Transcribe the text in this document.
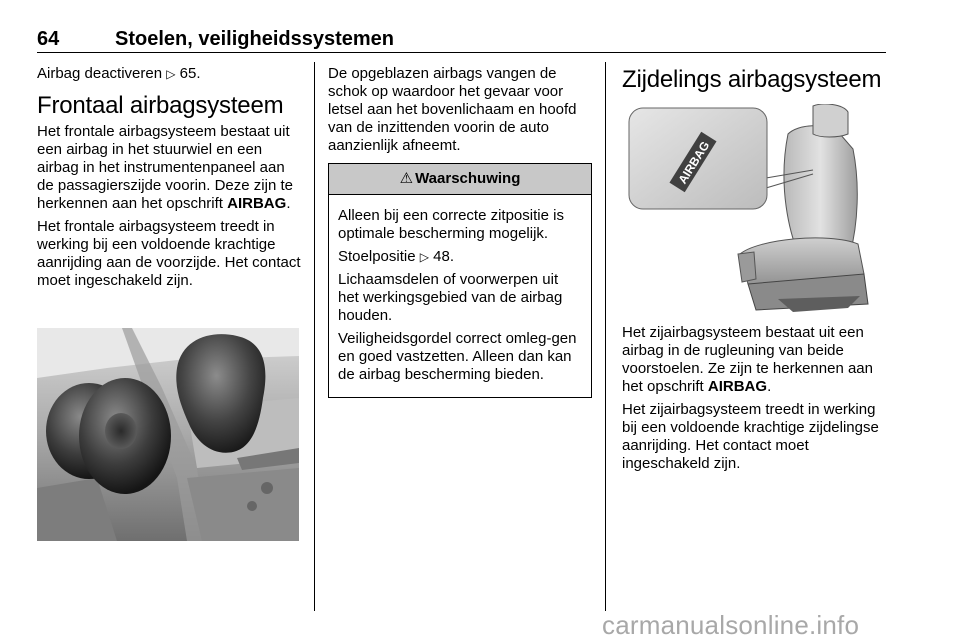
64	Stoelen, veiligheidssystemen

Airbag deactiveren ▷ 65.

Frontaal airbagsysteem

Het frontale airbagsysteem bestaat uit een airbag in het stuurwiel en een airbag in het instrumentenpaneel aan de passagierszijde voorin. Deze zijn te herkennen aan het opschrift AIRBAG.

Het frontale airbagsysteem treedt in werking bij een voldoende krachtige aanrijding aan de voorzijde. Het contact moet ingeschakeld zijn.

De opgeblazen airbags vangen de schok op waardoor het gevaar voor letsel aan het bovenlichaam en hoofd van de inzittenden voorin de auto aanzienlijk afneemt.

⚠ Waarschuwing

Alleen bij een correcte zitpositie is optimale bescherming mogelijk.

Stoelpositie ▷ 48.

Lichaamsdelen of voorwerpen uit het werkingsgebied van de airbag houden.

Veiligheidsgordel correct omleg-gen en goed vastzetten. Alleen dan kan de airbag bescherming bieden.

Zijdelings airbagsysteem
AIRBAG

Het zijairbagsysteem bestaat uit een airbag in de rugleuning van beide voorstoelen. Ze zijn te herkennen aan het opschrift AIRBAG.

Het zijairbagsysteem treedt in werking bij een voldoende krachtige zijdelingse aanrijding. Het contact moet ingeschakeld zijn.

carmanualsonline.info
